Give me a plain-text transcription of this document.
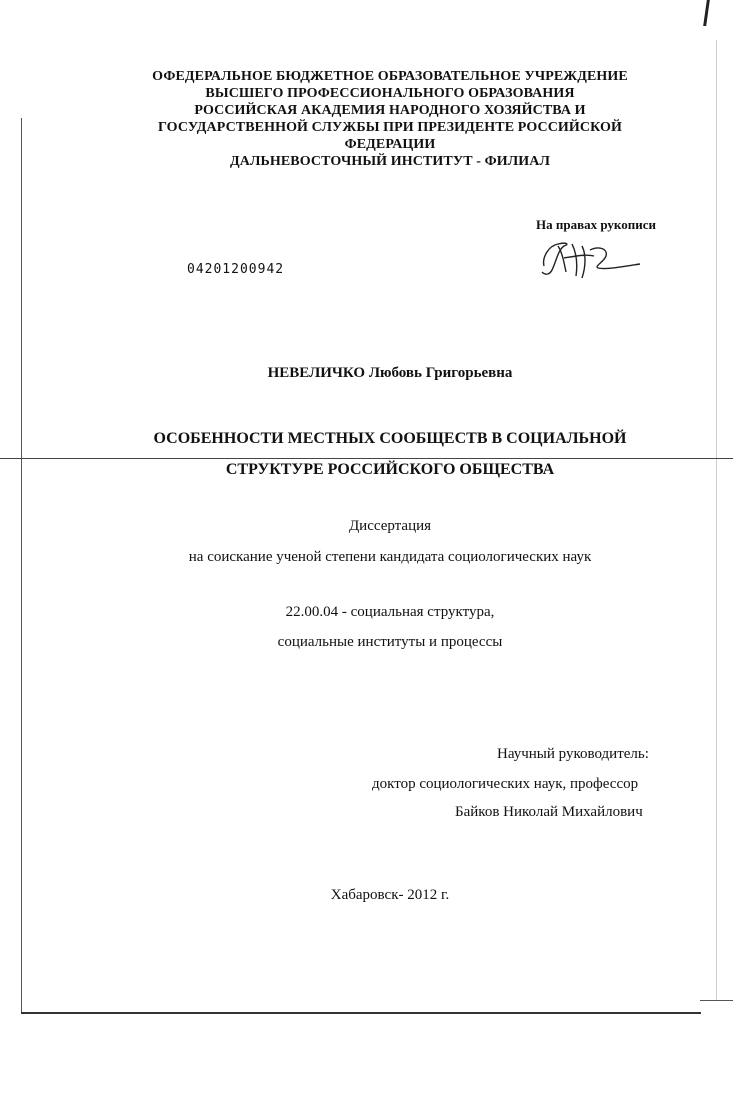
ОФЕДЕРАЛЬНОЕ БЮДЖЕТНОЕ ОБРАЗОВАТЕЛЬНОЕ УЧРЕЖДЕНИЕ
ВЫСШЕГО ПРОФЕССИОНАЛЬНОГО ОБРАЗОВАНИЯ
РОССИЙСКАЯ АКАДЕМИЯ НАРОДНОГО ХОЗЯЙСТВА И
ГОСУДАРСТВЕННОЙ СЛУЖБЫ ПРИ ПРЕЗИДЕНТЕ РОССИЙСКОЙ
ФЕДЕРАЦИИ
ДАЛЬНЕВОСТОЧНЫЙ ИНСТИТУТ - ФИЛИАЛ
На правах рукописи
04201200942
НЕВЕЛИЧКО Любовь Григорьевна
ОСОБЕННОСТИ МЕСТНЫХ СООБЩЕСТВ В СОЦИАЛЬНОЙ
СТРУКТУРЕ РОССИЙСКОГО ОБЩЕСТВА
Диссертация
на соискание ученой степени кандидата социологических наук
22.00.04 - социальная структура,
социальные институты и процессы
Научный руководитель:
доктор социологических наук, профессор
Байков Николай Михайлович
Хабаровск- 2012 г.
